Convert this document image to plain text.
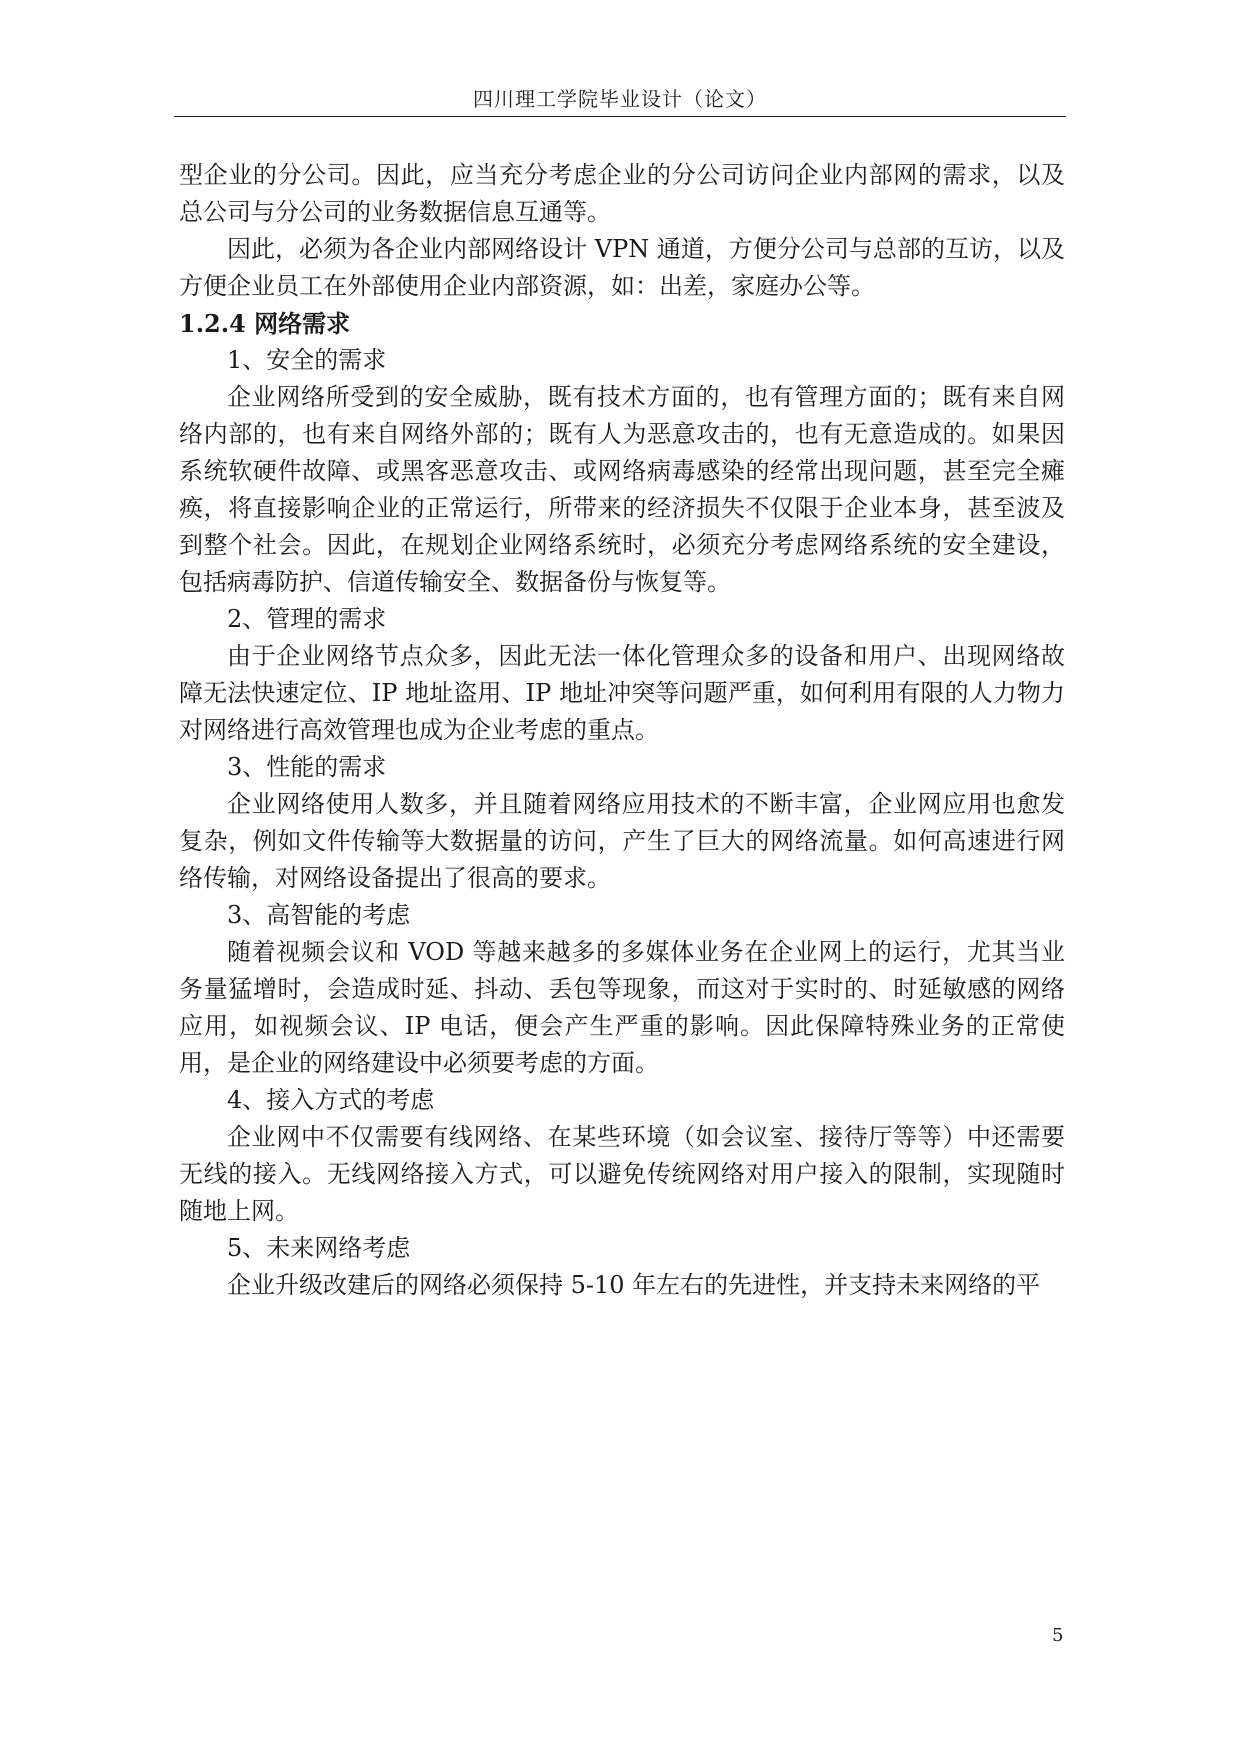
四川理工学院毕业设计（论文）

型企业的分公司。因此，应当充分考虑企业的分公司访问企业内部网的需求，以及总公司与分公司的业务数据信息互通等。

因此，必须为各企业内部网络设计 VPN 通道，方便分公司与总部的互访，以及方便企业员工在外部使用企业内部资源，如：出差，家庭办公等。

1.2.4 网络需求

1、安全的需求

企业网络所受到的安全威胁，既有技术方面的，也有管理方面的；既有来自网络内部的，也有来自网络外部的；既有人为恶意攻击的，也有无意造成的。如果因系统软硬件故障、或黑客恶意攻击、或网络病毒感染的经常出现问题，甚至完全瘫痪，将直接影响企业的正常运行，所带来的经济损失不仅限于企业本身，甚至波及到整个社会。因此，在规划企业网络系统时，必须充分考虑网络系统的安全建设，包括病毒防护、信道传输安全、数据备份与恢复等。

2、管理的需求

由于企业网络节点众多，因此无法一体化管理众多的设备和用户、出现网络故障无法快速定位、IP 地址盗用、IP 地址冲突等问题严重，如何利用有限的人力物力对网络进行高效管理也成为企业考虑的重点。

3、性能的需求

企业网络使用人数多，并且随着网络应用技术的不断丰富，企业网应用也愈发复杂，例如文件传输等大数据量的访问，产生了巨大的网络流量。如何高速进行网络传输，对网络设备提出了很高的要求。

3、高智能的考虑

随着视频会议和 VOD 等越来越多的多媒体业务在企业网上的运行，尤其当业务量猛增时，会造成时延、抖动、丢包等现象，而这对于实时的、时延敏感的网络应用，如视频会议、IP 电话，便会产生严重的影响。因此保障特殊业务的正常使用，是企业的网络建设中必须要考虑的方面。

4、接入方式的考虑

企业网中不仅需要有线网络、在某些环境（如会议室、接待厅等等）中还需要无线的接入。无线网络接入方式，可以避免传统网络对用户接入的限制，实现随时随地上网。

5、未来网络考虑

企业升级改建后的网络必须保持 5-10 年左右的先进性，并支持未来网络的平

5
